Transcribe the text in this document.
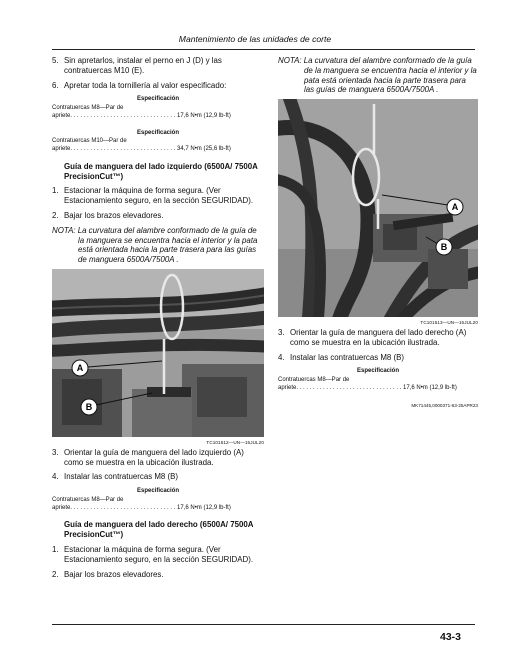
Mantenimiento de las unidades de corte
5. Sin apretarlos, instalar el perno en J (D) y las contratuercas M10 (E).
6. Apretar toda la tornillería al valor especificado:
Especificación
Contratuercas M8—Par de
apriete. . . . . . . . . . . . . . . . . . . . . . . . . . . . . . . . 17,6 N•m (12,9 lb-ft)
Especificación
Contratuercas M10—Par de
apriete. . . . . . . . . . . . . . . . . . . . . . . . . . . . . . . . 34,7 N•m (25,6 lb-ft)
Guía de manguera del lado izquierdo (6500A/ 7500A PrecisionCut™)
1. Estacionar la máquina de forma segura. (Ver Estacionamiento seguro, en la sección SEGURIDAD).
2. Bajar los brazos elevadores.
NOTA: La curvatura del alambre conformado de la guía de la manguera se encuentra hacia el interior y la pata está orientada hacia la parte trasera para las guías de manguera 6500A/7500A .
A
B
TC101512—UN—15JUL20
3. Orientar la guía de manguera del lado izquierdo (A) como se muestra en la ubicación ilustrada.
4. Instalar las contratuercas M8 (B)
Especificación
Contratuercas M8—Par de
apriete. . . . . . . . . . . . . . . . . . . . . . . . . . . . . . . . 17,6 N•m (12,9 lb-ft)
Guía de manguera del lado derecho (6500A/ 7500A PrecisionCut™)
1. Estacionar la máquina de forma segura. (Ver Estacionamiento seguro, en la sección SEGURIDAD).
2. Bajar los brazos elevadores.
NOTA: La curvatura del alambre conformado de la guía de la manguera se encuentra hacia el interior y la pata está orientada hacia la parte trasera para las guías de manguera 6500A/7500A .
A
B
TC101513—UN—15JUL20
3. Orientar la guía de manguera del lado derecho (A) como se muestra en la ubicación ilustrada.
4. Instalar las contratuercas M8 (B)
Especificación
Contratuercas M8—Par de
apriete. . . . . . . . . . . . . . . . . . . . . . . . . . . . . . . . 17,6 N•m (12,9 lb-ft)
MK71445,0000371-63-25APR23
43-3
